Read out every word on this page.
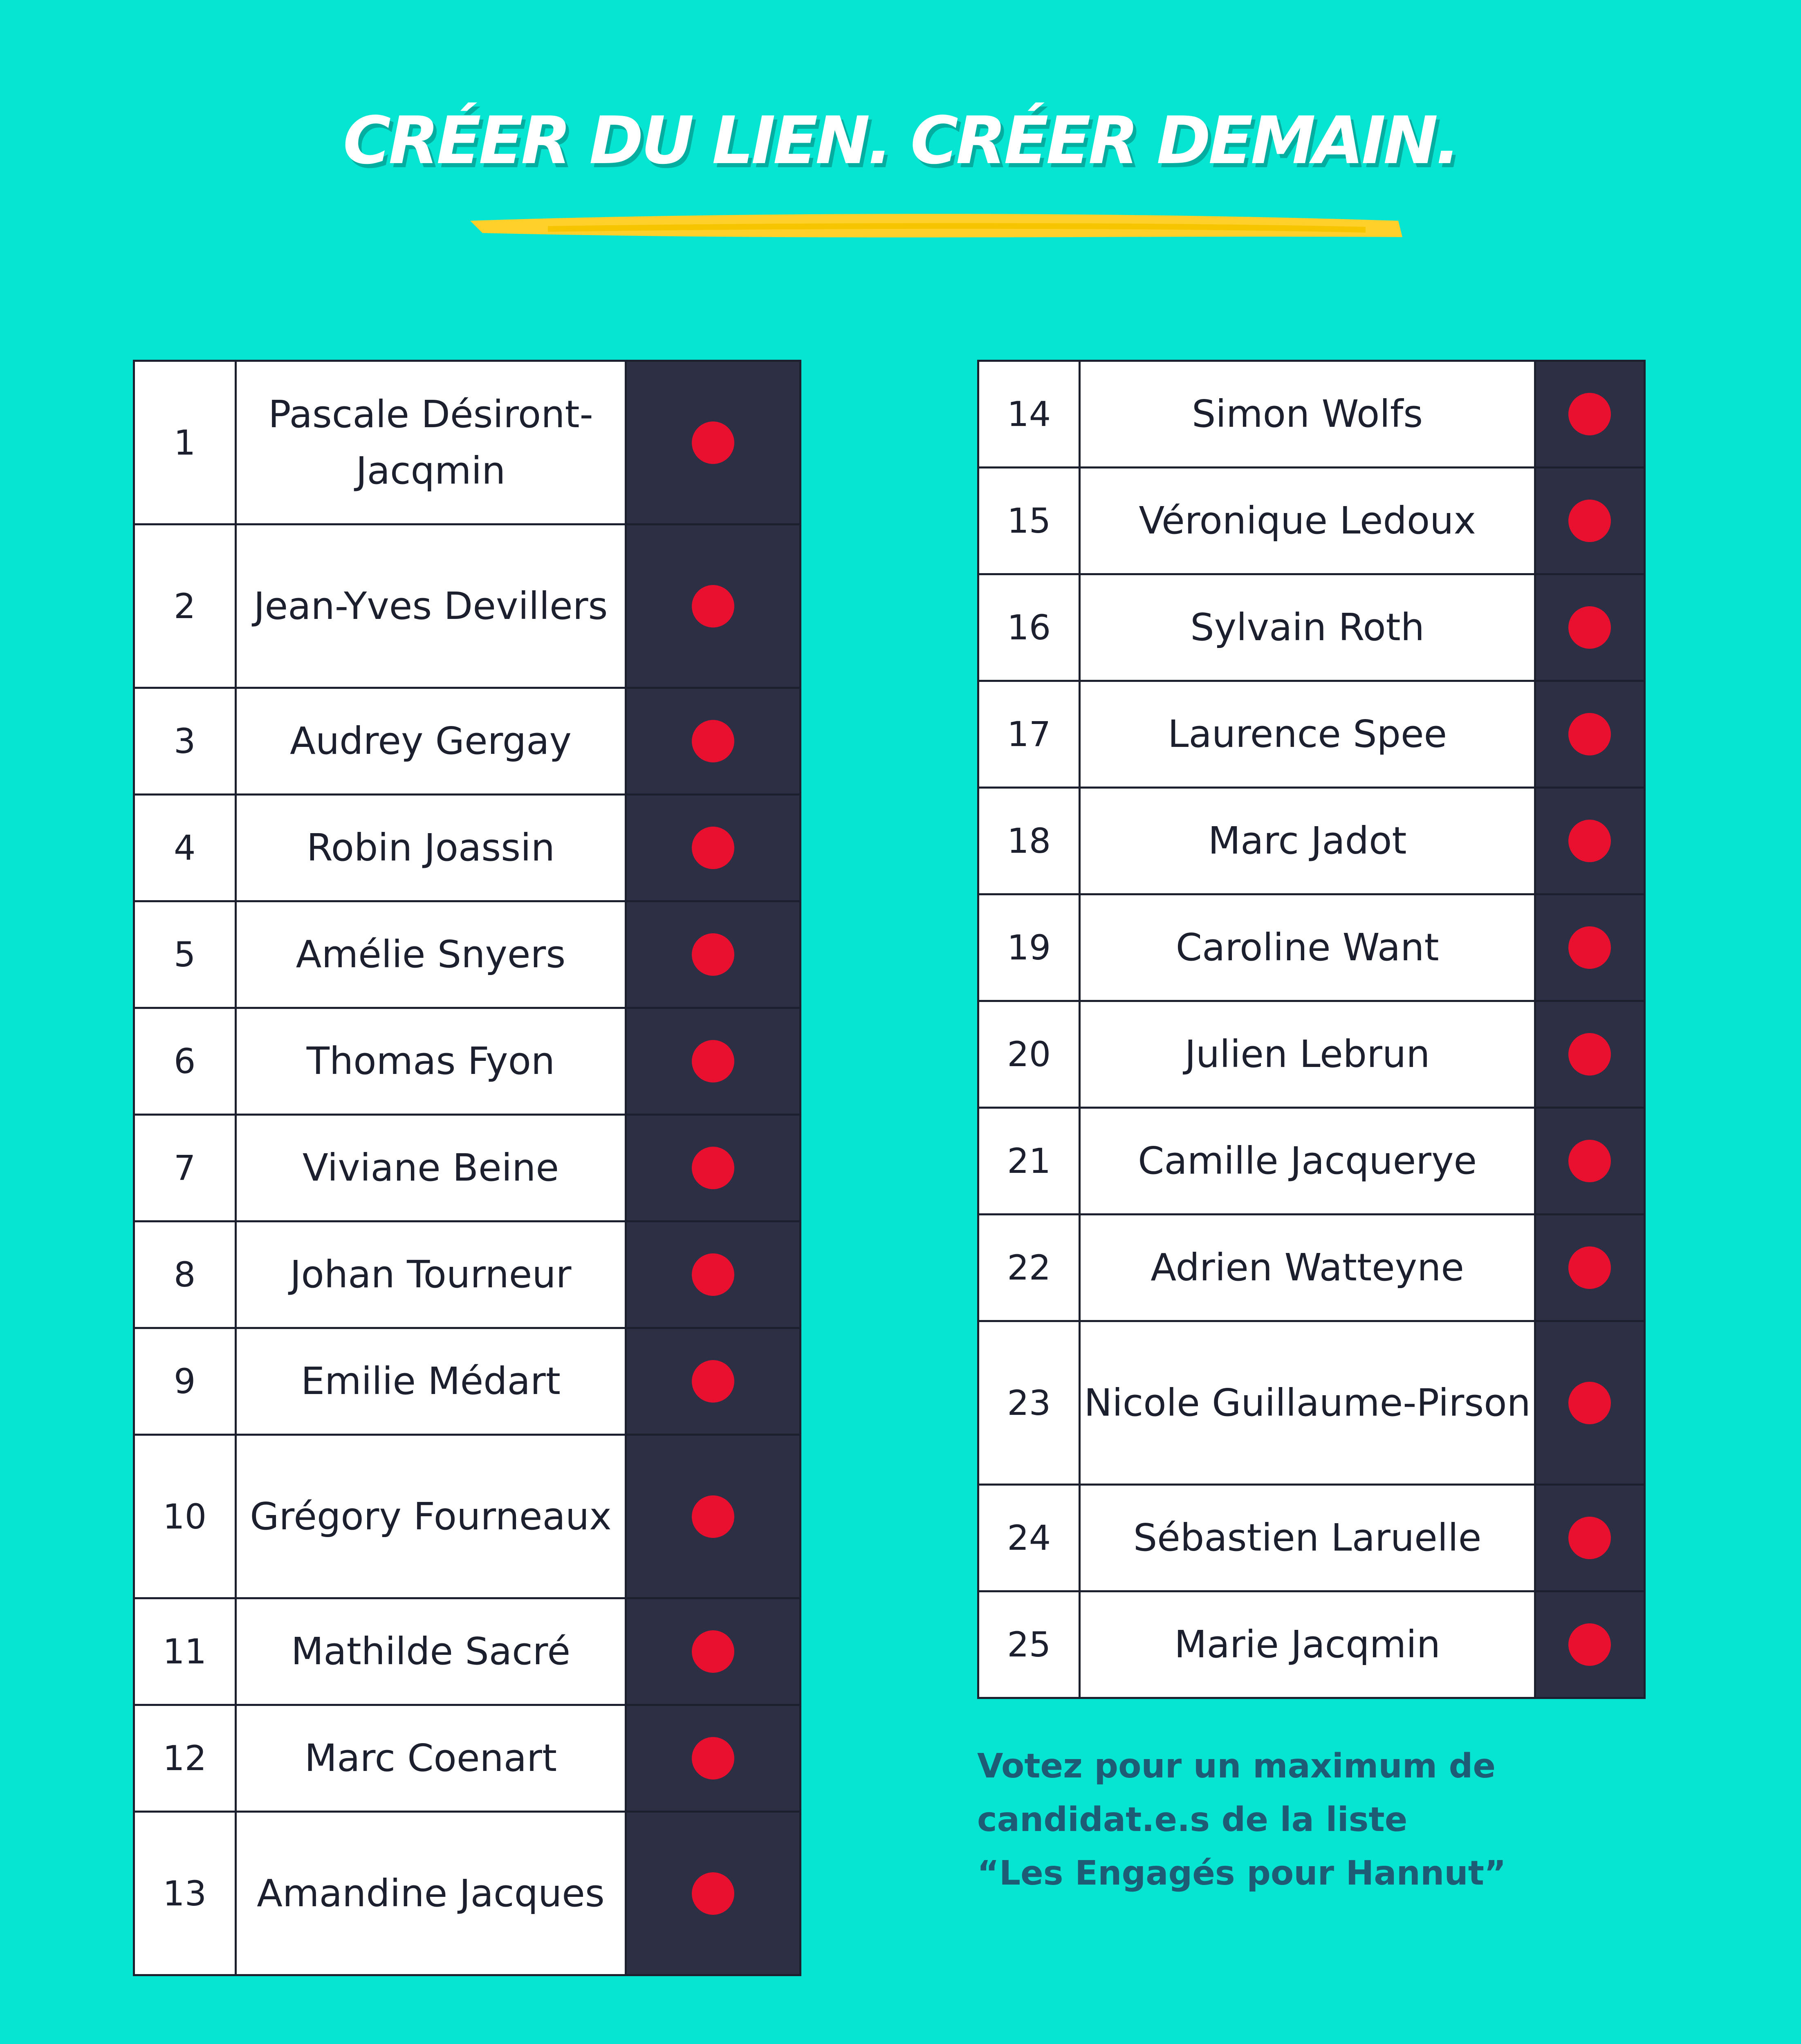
CRÉER DU LIEN. CRÉER DEMAIN.
1	Pascale Désiront-Jacqmin	
2	Jean-Yves Devillers	
3	Audrey Gergay	
4	Robin Joassin	
5	Amélie Snyers	
6	Thomas Fyon	
7	Viviane Beine	
8	Johan Tourneur	
9	Emilie Médart	
10	Grégory Fourneaux	
11	Mathilde Sacré	
12	Marc Coenart	
13	Amandine Jacques	
14	Simon Wolfs	
15	Véronique Ledoux	
16	Sylvain Roth	
17	Laurence Spee	
18	Marc Jadot	
19	Caroline Want	
20	Julien Lebrun	
21	Camille Jacquerye	
22	Adrien Watteyne	
23	Nicole Guillaume-Pirson	
24	Sébastien Laruelle	
25	Marie Jacqmin	
Votez pour un maximum de
candidat.e.s de la liste
“Les Engagés pour Hannut”
